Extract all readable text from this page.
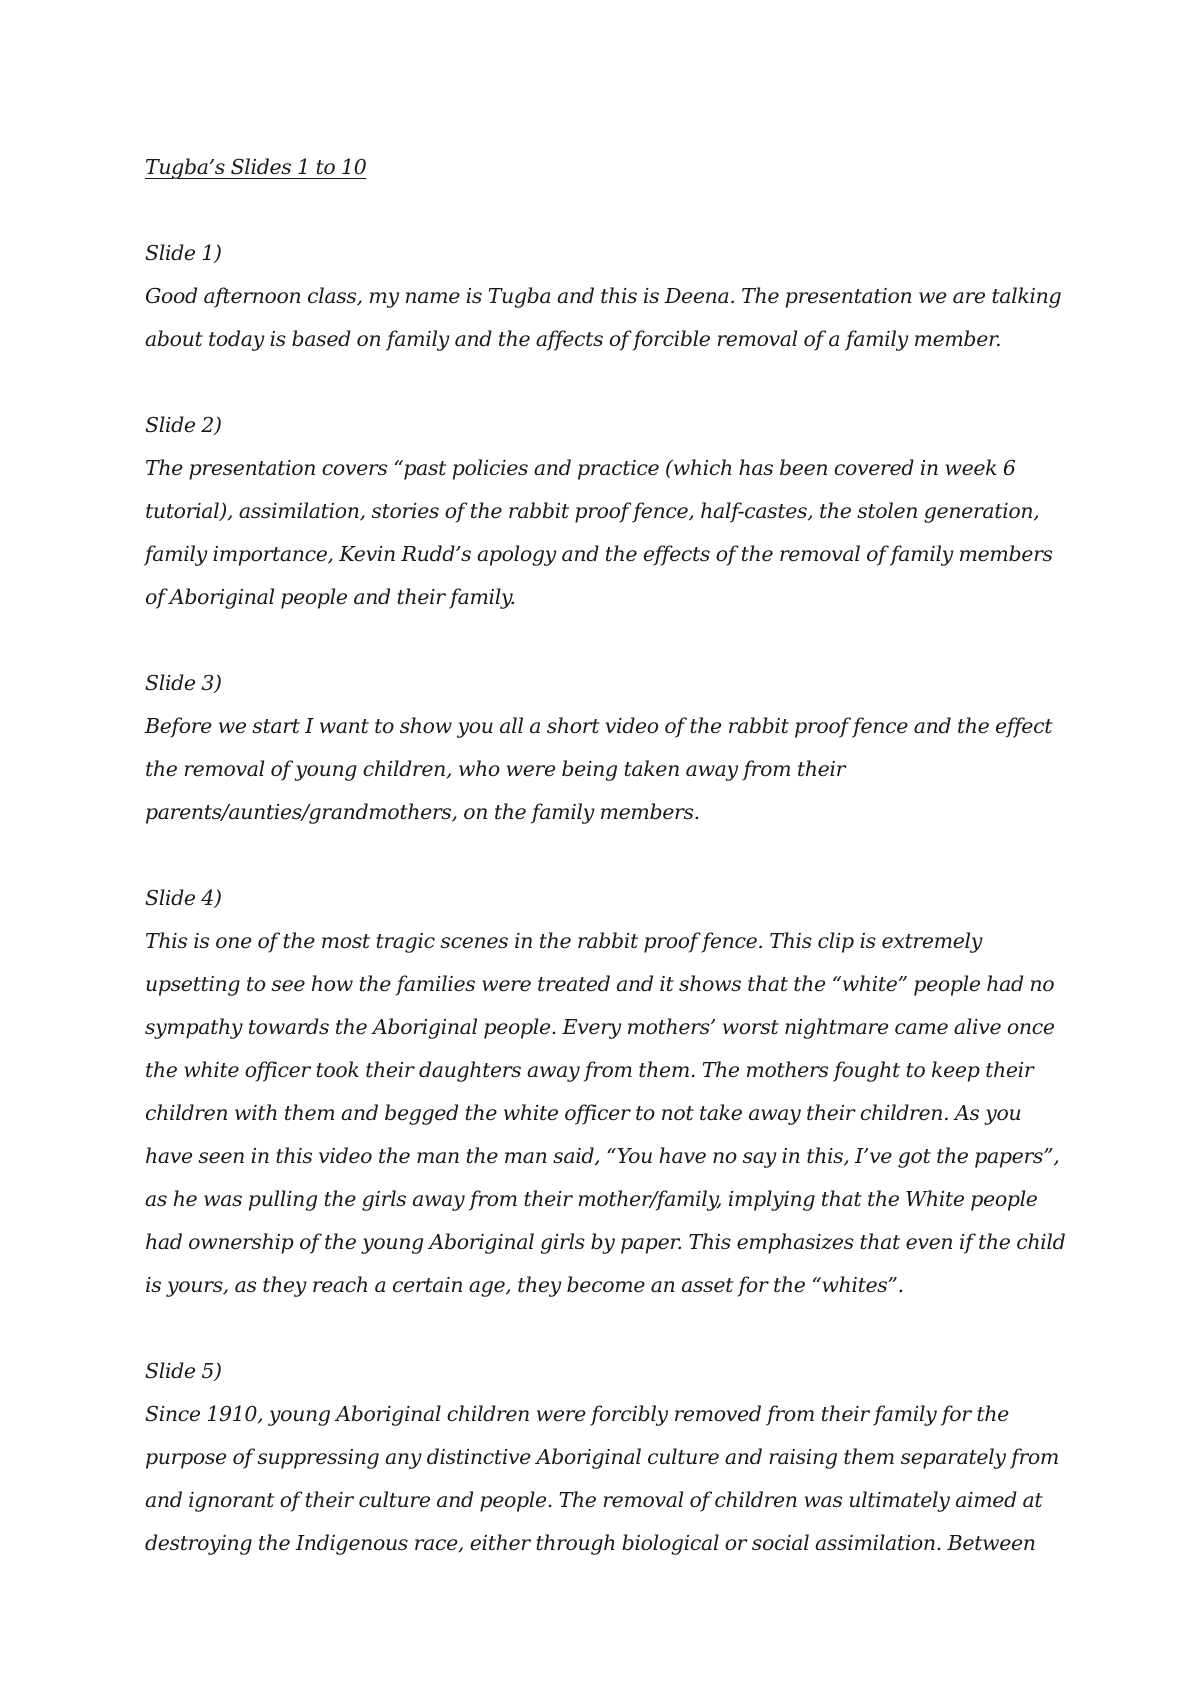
Tugba’s Slides 1 to 10
Slide 1)
Good afternoon class, my name is Tugba and this is Deena. The presentation we are talking
about today is based on family and the affects of forcible removal of a family member.
Slide 2)
The presentation covers “past policies and practice (which has been covered in week 6
tutorial), assimilation, stories of the rabbit proof fence, half-castes, the stolen generation,
family importance, Kevin Rudd’s apology and the effects of the removal of family members
of Aboriginal people and their family.
Slide 3)
Before we start I want to show you all a short video of the rabbit proof fence and the effect
the removal of young children, who were being taken away from their
parents/aunties/grandmothers, on the family members.
Slide 4)
This is one of the most tragic scenes in the rabbit proof fence. This clip is extremely
upsetting to see how the families were treated and it shows that the “white” people had no
sympathy towards the Aboriginal people. Every mothers’ worst nightmare came alive once
the white officer took their daughters away from them. The mothers fought to keep their
children with them and begged the white officer to not take away their children. As you
have seen in this video the man the man said, “You have no say in this, I’ve got the papers”,
as he was pulling the girls away from their mother/family, implying that the White people
had ownership of the young Aboriginal girls by paper. This emphasizes that even if the child
is yours, as they reach a certain age, they become an asset for the “whites”.
Slide 5)
Since 1910, young Aboriginal children were forcibly removed from their family for the
purpose of suppressing any distinctive Aboriginal culture and raising them separately from
and ignorant of their culture and people. The removal of children was ultimately aimed at
destroying the Indigenous race, either through biological or social assimilation. Between
